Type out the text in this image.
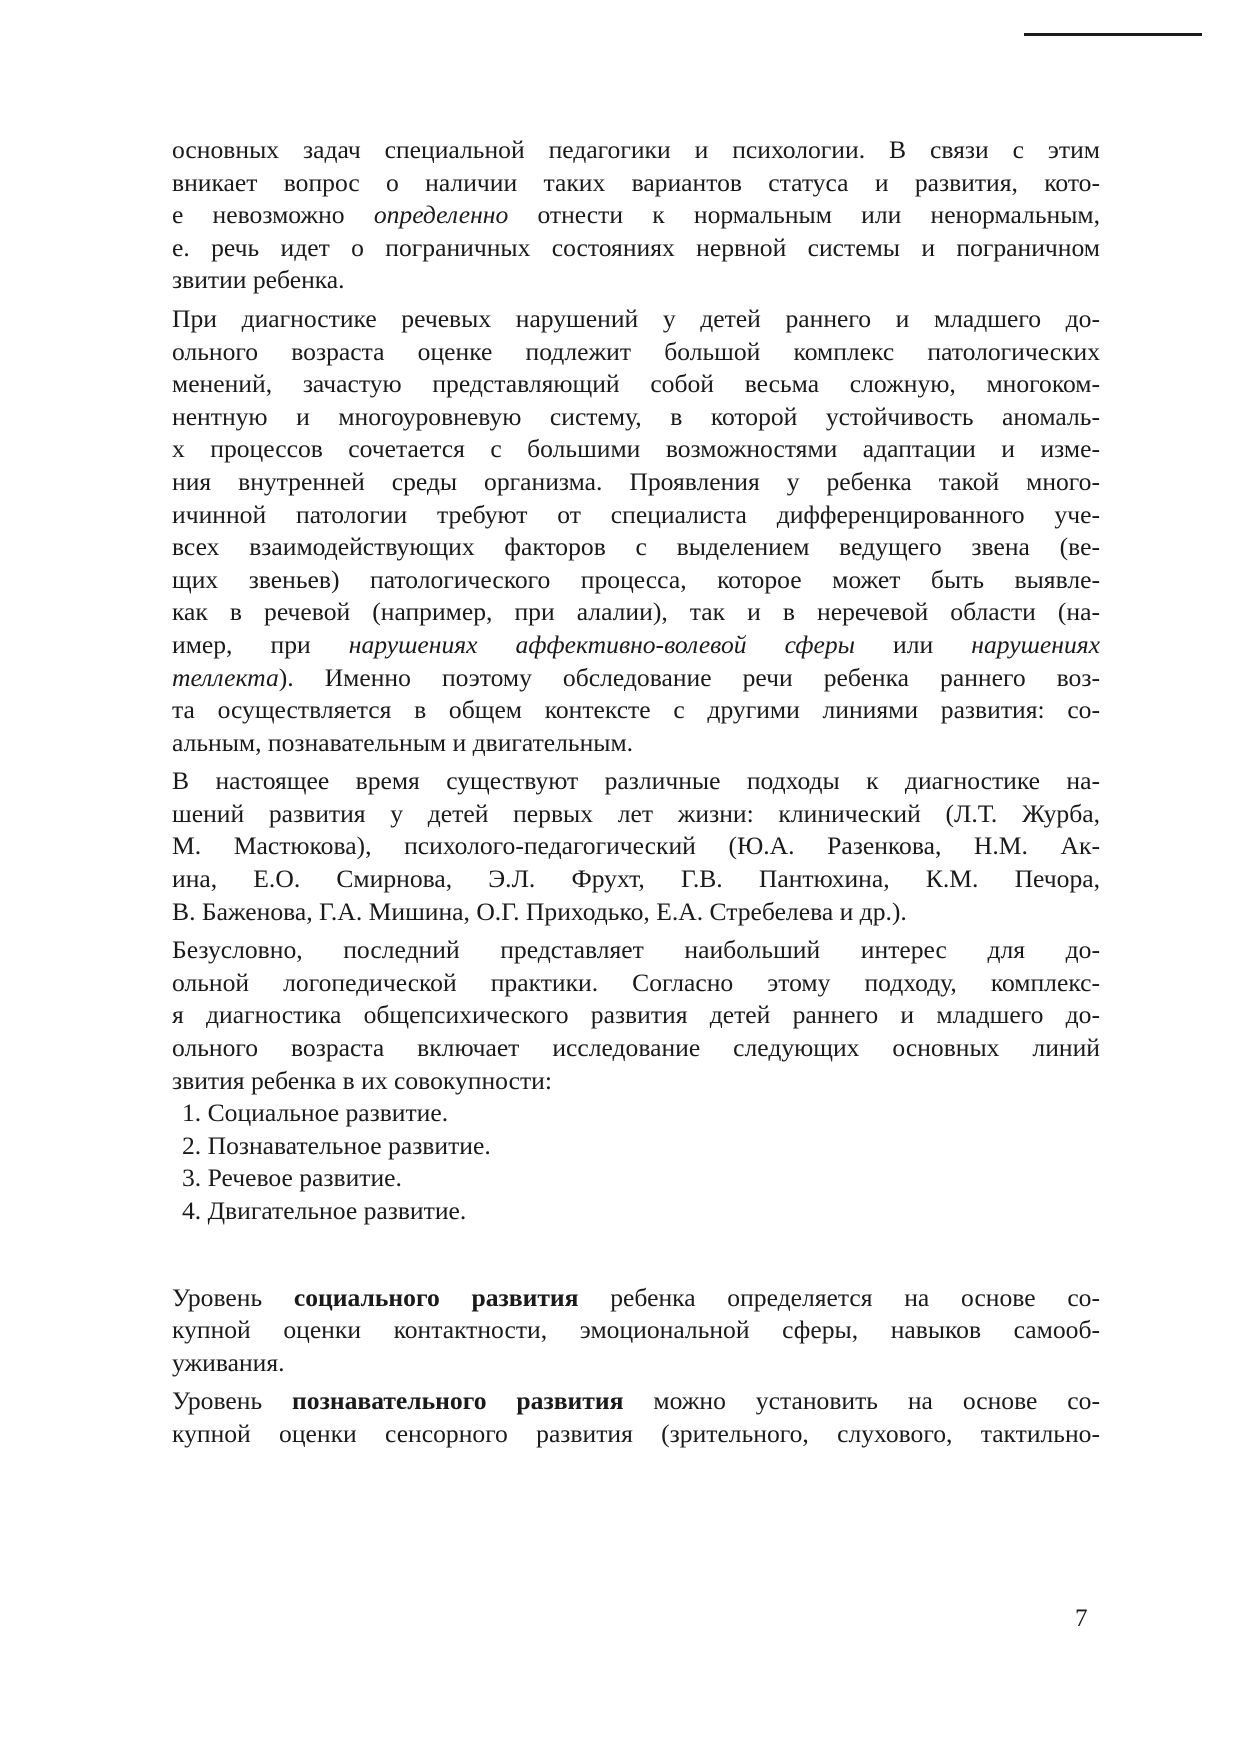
основных задач специальной педагогики и психологии. В связи с этим
вникает вопрос о наличии таких вариантов статуса и развития, кото-
е невозможно определенно отнести к нормальным или ненормальным,
е. речь идет о пограничных состояниях нервной системы и пограничном
звитии ребенка.
При диагностике речевых нарушений у детей раннего и младшего до-
ольного возраста оценке подлежит большой комплекс патологических
менений, зачастую представляющий собой весьма сложную, многоком-
нентную и многоуровневую систему, в которой устойчивость аномаль-
х процессов сочетается с большими возможностями адаптации и изме-
ния внутренней среды организма. Проявления у ребенка такой много-
ичинной патологии требуют от специалиста дифференцированного уче-
всех взаимодействующих факторов с выделением ведущего звена (ве-
щих звеньев) патологического процесса, которое может быть выявле-
как в речевой (например, при алалии), так и в неречевой области (на-
имер, при нарушениях аффективно-волевой сферы или нарушениях
теллекта). Именно поэтому обследование речи ребенка раннего воз-
та осуществляется в общем контексте с другими линиями развития: со-
альным, познавательным и двигательным.
В настоящее время существуют различные подходы к диагностике на-
шений развития у детей первых лет жизни: клинический (Л.Т. Журба,
М. Мастюкова), психолого-педагогический (Ю.А. Разенкова, Н.М. Ак-
ина, Е.О. Смирнова, Э.Л. Фрухт, Г.В. Пантюхина, К.М. Печора,
В. Баженова, Г.А. Мишина, О.Г. Приходько, Е.А. Стребелева и др.).
Безусловно, последний представляет наибольший интерес для до-
ольной логопедической практики. Согласно этому подходу, комплекс-
я диагностика общепсихического развития детей раннего и младшего до-
ольного возраста включает исследование следующих основных линий
звития ребенка в их совокупности:
1. Социальное развитие.
2. Познавательное развитие.
3. Речевое развитие.
4. Двигательное развитие.
Уровень социального развития ребенка определяется на основе со-
купной оценки контактности, эмоциональной сферы, навыков самооб-
уживания.
Уровень познавательного развития можно установить на основе со-
купной оценки сенсорного развития (зрительного, слухового, тактильно-
7
